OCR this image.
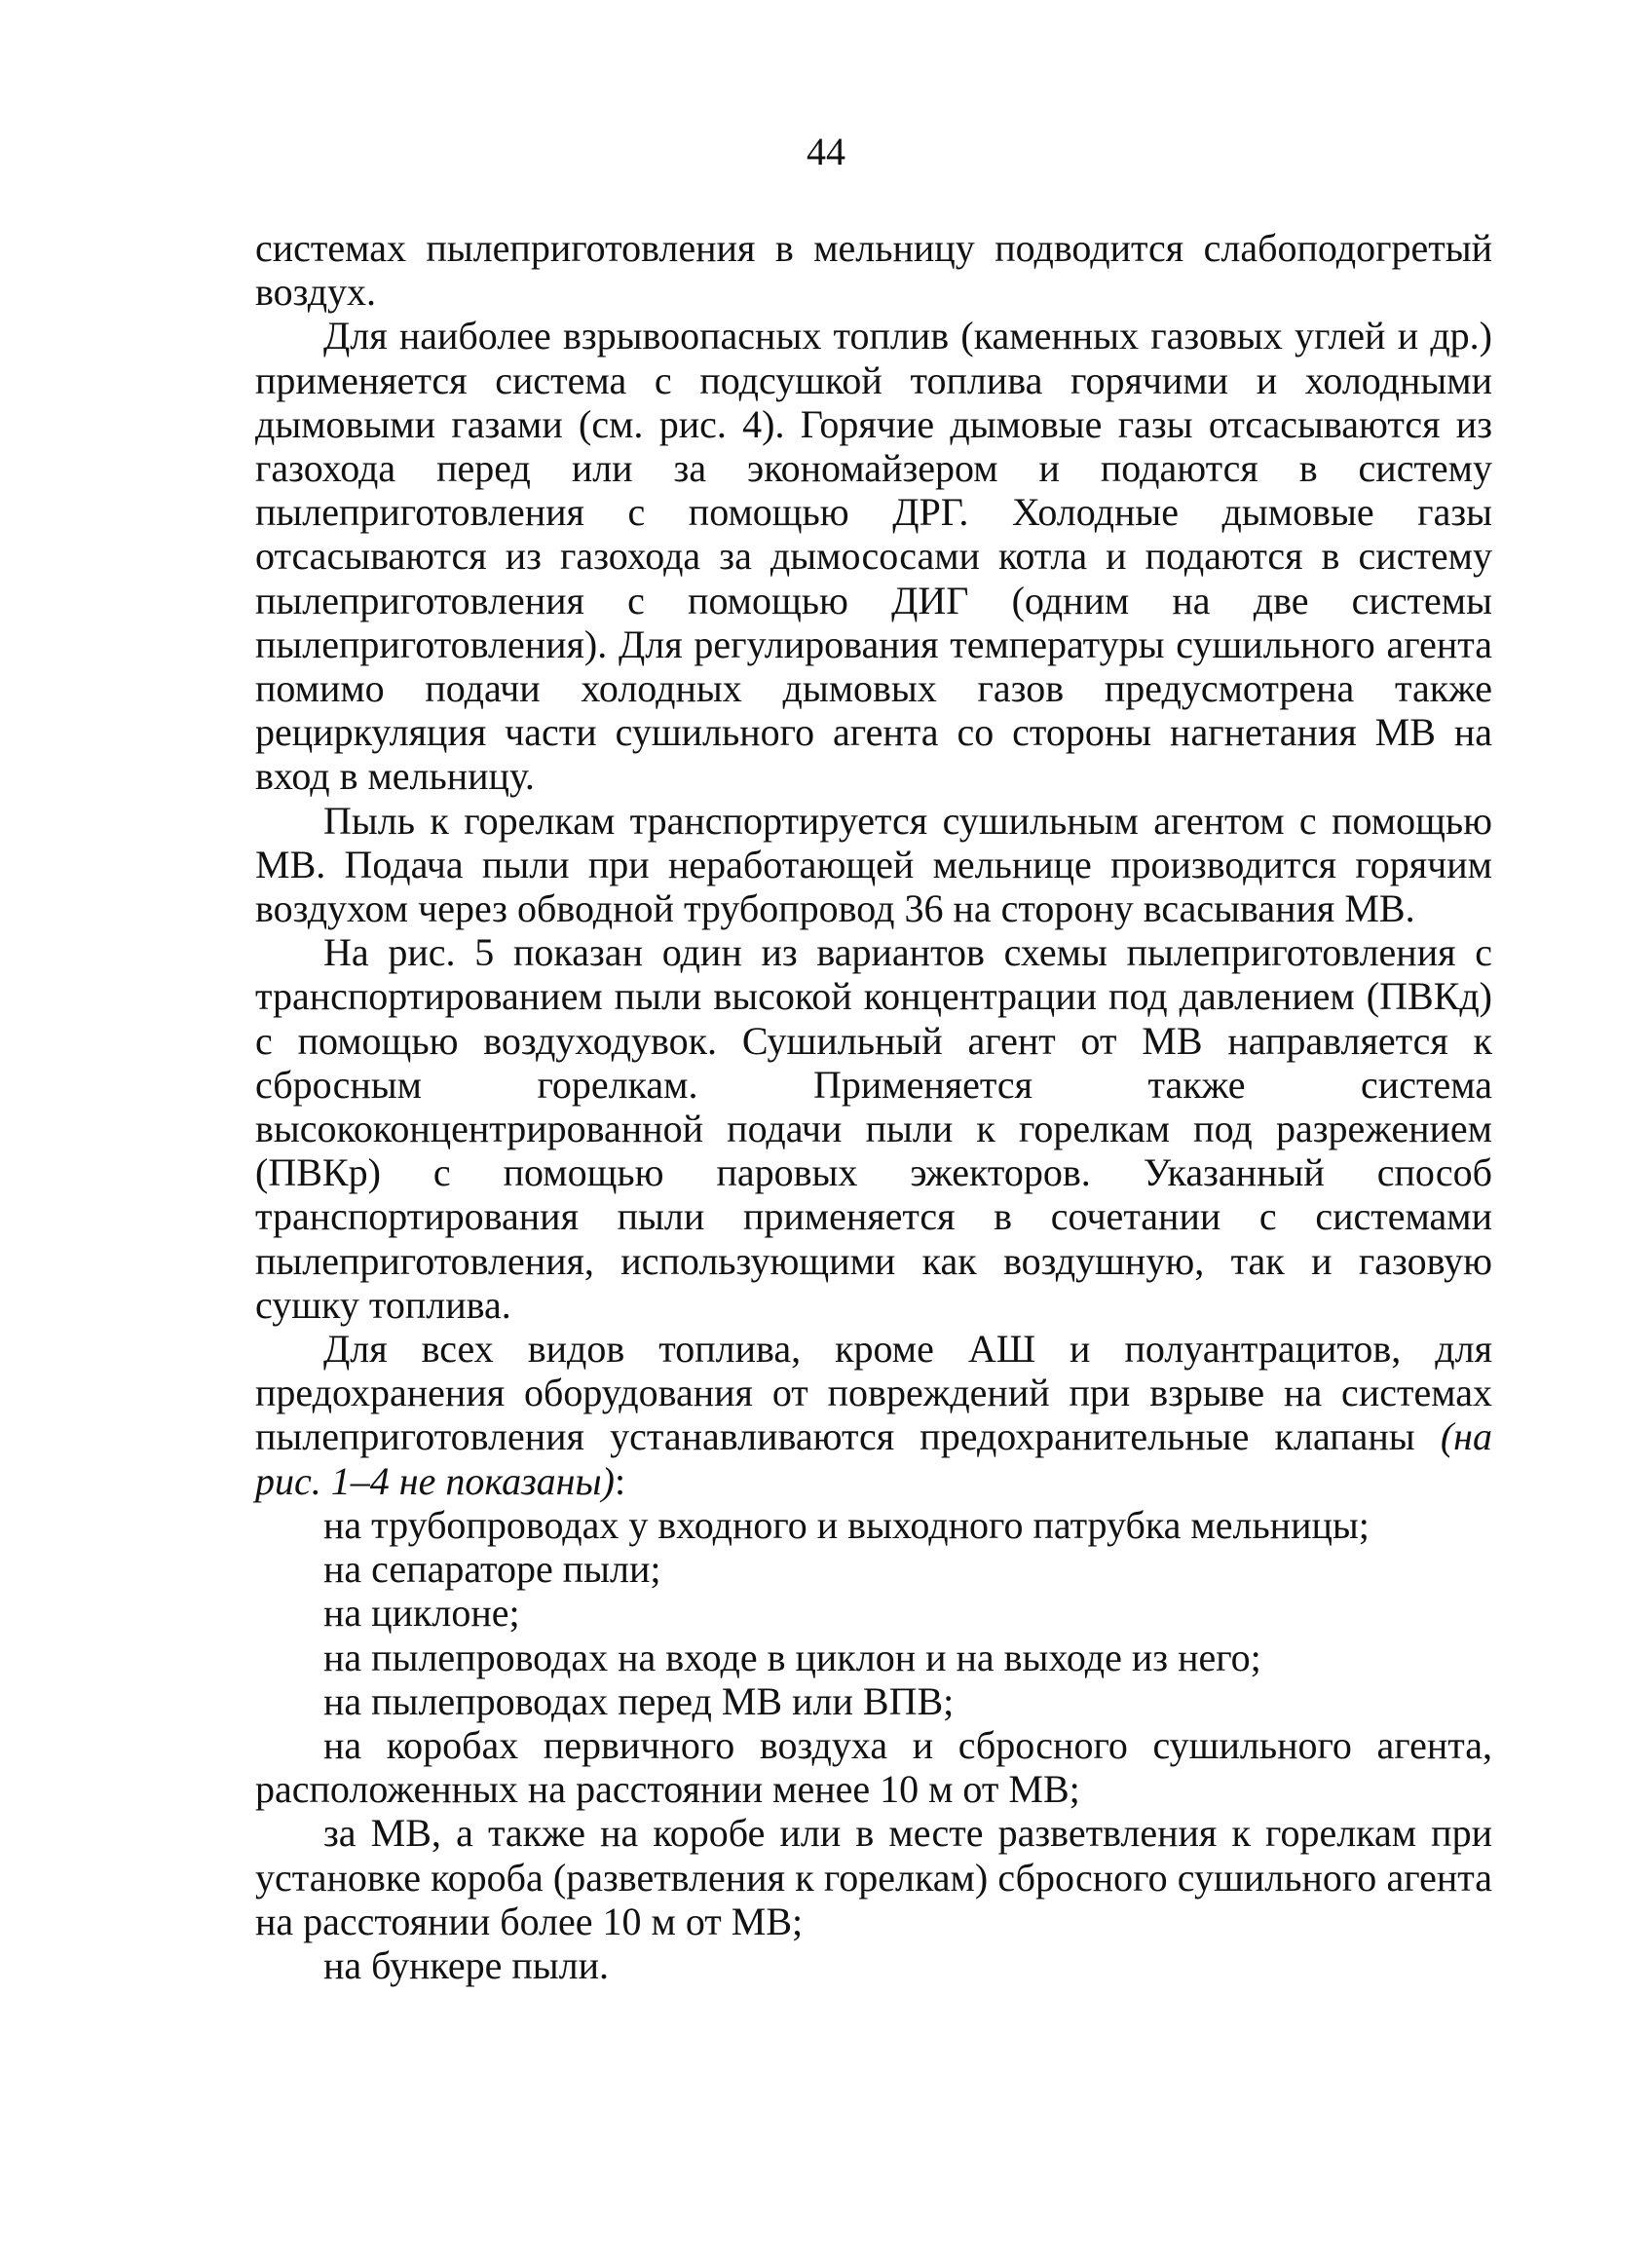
44

системах пылеприготовления в мельницу подводится слабоподогретый воздух.

Для наиболее взрывоопасных топлив (каменных газовых углей и др.) применяется система с подсушкой топлива горячими и холодными дымовыми газами (см. рис. 4). Горячие дымовые газы отсасываются из газохода перед или за экономайзером и подаются в систему пылеприготовления с помощью ДРГ. Холодные дымовые газы отсасываются из газохода за дымососами котла и подаются в систему пылеприготовления с помощью ДИГ (одним на две системы пылеприготовления). Для регулирования температуры сушильного агента помимо подачи холодных дымовых газов предусмотрена также рециркуляция части сушильного агента со стороны нагнетания МВ на вход в мельницу.

Пыль к горелкам транспортируется сушильным агентом с помощью МВ. Подача пыли при неработающей мельнице производится горячим воздухом через обводной трубопровод 36 на сторону всасывания МВ.

На рис. 5 показан один из вариантов схемы пылеприготовления с транспортированием пыли высокой концентрации под давлением (ПВКд) с помощью воздуходувок. Сушильный агент от МВ направляется к сбросным горелкам. Применяется также система высококонцентрированной подачи пыли к горелкам под разрежением (ПВКр) с помощью паровых эжекторов. Указанный способ транспортирования пыли применяется в сочетании с системами пылеприготовления, использующими как воздушную, так и газовую сушку топлива.

Для всех видов топлива, кроме АШ и полуантрацитов, для предохранения оборудования от повреждений при взрыве на системах пылеприготовления устанавливаются предохранительные клапаны (на рис. 1–4 не показаны):

на трубопроводах у входного и выходного патрубка мельницы;

на сепараторе пыли;

на циклоне;

на пылепроводах на входе в циклон и на выходе из него;

на пылепроводах перед МВ или ВПВ;

на коробах первичного воздуха и сбросного сушильного агента, расположенных на расстоянии менее 10 м от МВ;

за МВ, а также на коробе или в месте разветвления к горелкам при установке короба (разветвления к горелкам) сбросного сушильного агента на расстоянии более 10 м от МВ;

на бункере пыли.
